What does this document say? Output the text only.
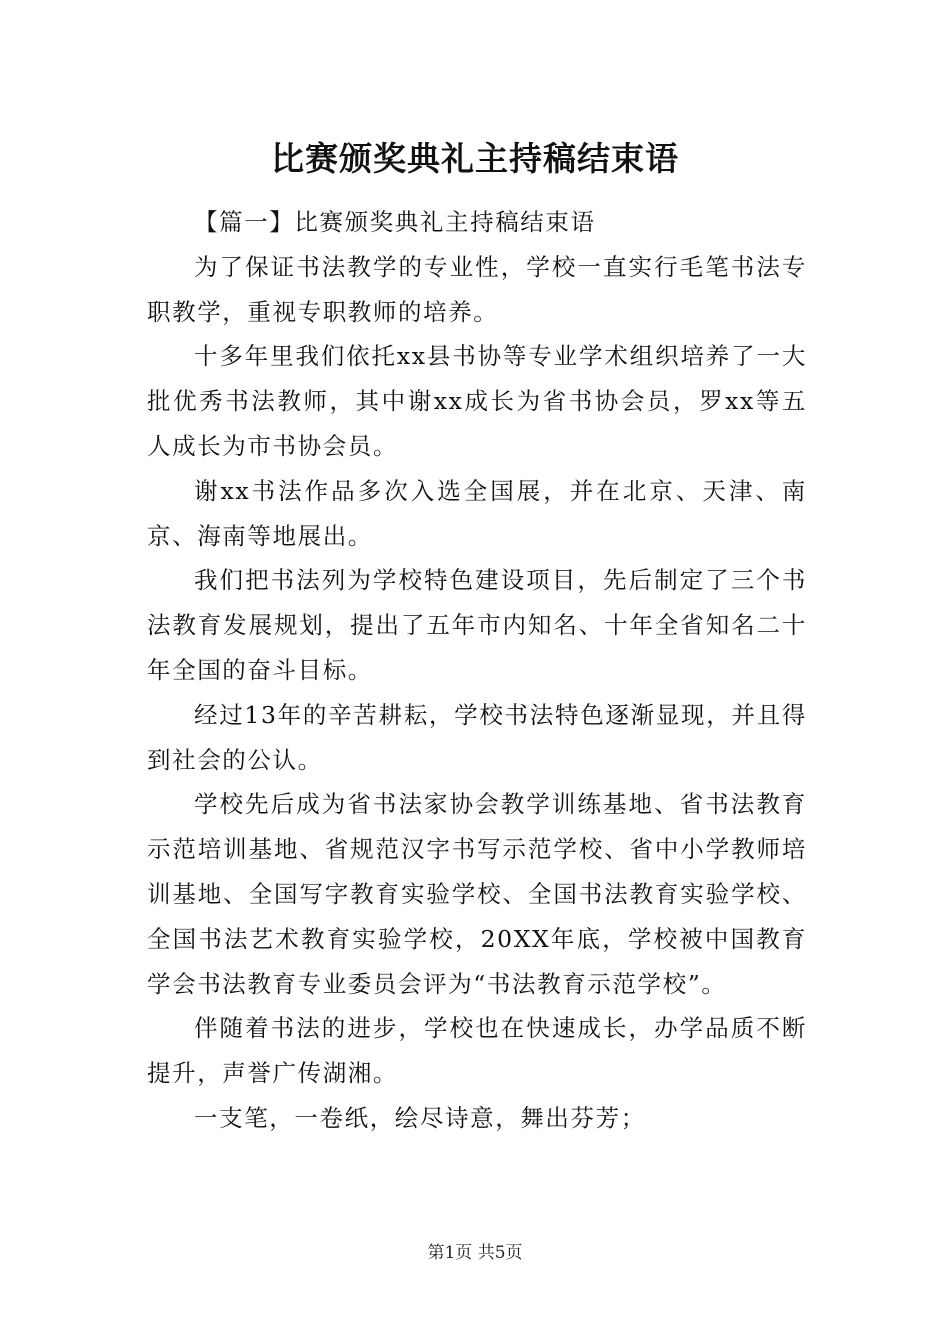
比赛颁奖典礼主持稿结束语

【篇一】比赛颁奖典礼主持稿结束语

为了保证书法教学的专业性，学校一直实行毛笔书法专职教学，重视专职教师的培养。

十多年里我们依托xx县书协等专业学术组织培养了一大批优秀书法教师，其中谢xx成长为省书协会员，罗xx等五人成长为市书协会员。

谢xx书法作品多次入选全国展，并在北京、天津、南京、海南等地展出。

我们把书法列为学校特色建设项目，先后制定了三个书法教育发展规划，提出了五年市内知名、十年全省知名二十年全国的奋斗目标。

经过13年的辛苦耕耘，学校书法特色逐渐显现，并且得到社会的公认。

学校先后成为省书法家协会教学训练基地、省书法教育示范培训基地、省规范汉字书写示范学校、省中小学教师培训基地、全国写字教育实验学校、全国书法教育实验学校、全国书法艺术教育实验学校，20XX年底，学校被中国教育学会书法教育专业委员会评为“书法教育示范学校”。

伴随着书法的进步，学校也在快速成长，办学品质不断提升，声誉广传湖湘。

一支笔，一卷纸，绘尽诗意，舞出芬芳；

第1页 共5页
